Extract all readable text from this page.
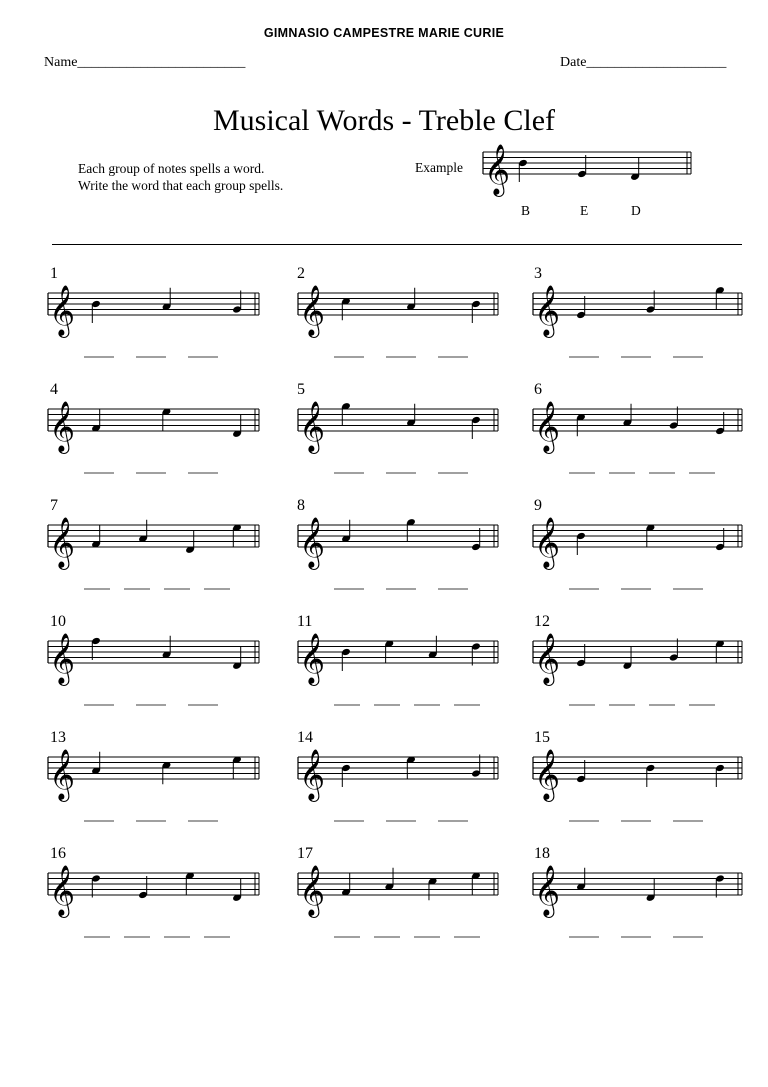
GIMNASIO CAMPESTRE MARIE CURIE
Name________________________	Date____________________
Musical Words - Treble Clef
Each group of notes spells a word.
Write the word that each group spells.
Example
B	E	D
𝄞
𝄞	𝄞	𝄞
𝄞	𝄞	𝄞
𝄞	𝄞	𝄞
𝄞	𝄞	𝄞
𝄞	𝄞	𝄞
𝄞	𝄞	𝄞
1	2	3
4	5	6
7	8	9
10	11	12
13	14	15
16	17	18
